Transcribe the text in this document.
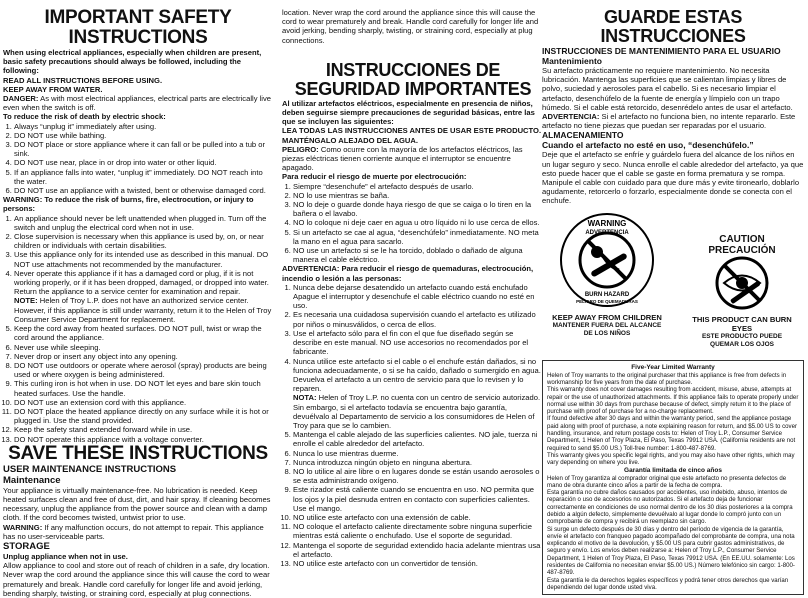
IMPORTANT SAFETY INSTRUCTIONS

When using electrical appliances, especially when children are present, basic safety precautions should always be followed, including the following:

READ ALL INSTRUCTIONS BEFORE USING.

KEEP AWAY FROM WATER.

DANGER: As with most electrical appliances, electrical parts are electrically live even when the switch is off.

To reduce the risk of death by electric shock:

1. Always “unplug it” immediately after using.
2. DO NOT use while bathing.
3. DO NOT place or store appliance where it can fall or be pulled into a tub or sink.
4. DO NOT use near, place in or drop into water or other liquid.
5. If an appliance falls into water, “unplug it” immediately. DO NOT reach into the water.
6. DO NOT use an appliance with a twisted, bent or otherwise damaged cord.

WARNING: To reduce the risk of burns, fire, electrocution, or injury to persons:

1. An appliance should never be left unattended when plugged in. Turn off the switch and unplug the electrical cord when not in use.
2. Close supervision is necessary when this appliance is used by, on, or near children or individuals with certain disabilities.
3. Use this appliance only for its intended use as described in this manual. DO NOT use attachments not recommended by the manufacturer.
4. Never operate this appliance if it has a damaged cord or plug, if it is not working properly, or if it has been dropped, damaged, or dropped into water. Return the appliance to a service center for examination and repair.
NOTE: Helen of Troy L.P. does not have an authorized service center. However, if this appliance is still under warranty, return it to the Helen of Troy Consumer Service Department for replacement.
5. Keep the cord away from heated surfaces. DO NOT pull, twist or wrap the cord around the appliance.
6. Never use while sleeping.
7. Never drop or insert any object into any opening.
8. DO NOT use outdoors or operate where aerosol (spray) products are being used or where oxygen is being administered.
9. This curling iron is hot when in use. DO NOT let eyes and bare skin touch heated surfaces. Use the handle.
10. DO NOT use an extension cord with this appliance.
11. DO NOT place the heated appliance directly on any surface while it is hot or plugged in. Use the stand provided.
12. Keep the safety stand extended forward while in use.
13. DO NOT operate this appliance with a voltage converter.
SAVE THESE INSTRUCTIONS

USER MAINTENANCE INSTRUCTIONS

Maintenance

Your appliance is virtually maintenance-free. No lubrication is needed. Keep heated surfaces clean and free of dust, dirt, and hair spray. If cleaning becomes necessary, unplug the appliance from the power source and clean with a damp cloth. If the cord becomes twisted, untwist prior to use.

WARNING: If any malfunction occurs, do not attempt to repair. This appliance has no user-serviceable parts.

STORAGE

Unplug appliance when not in use.

Allow appliance to cool and store out of reach of children in a safe, dry location. Never wrap the cord around the appliance since this will cause the cord to wear prematurely and break. Handle cord carefully for longer life and avoid jerking, bending sharply, twisting, or straining cord, especially at plug connections.

location. Never wrap the cord around the appliance since this will cause the cord to wear prematurely and break. Handle cord carefully for longer life and avoid jerking, bending sharply, twisting, or straining cord, especially at plug connections.

INSTRUCCIONES DE SEGURIDAD IMPORTANTES

Al utilizar artefactos eléctricos, especialmente en presencia de niños, deben seguirse siempre precauciones de seguridad básicas, entre las que se incluyen las siguientes:

LEA TODAS LAS INSTRUCCIONES ANTES DE USAR ESTE PRODUCTO.

MANTÉNGALO ALEJADO DEL AGUA.

PELIGRO: Como ocurre con la mayoría de los artefactos eléctricos, las piezas eléctricas tienen corriente aunque el interruptor se encuentre apagado.

Para reducir el riesgo de muerte por electrocución:

1. Siempre “desenchufe” el artefacto después de usarlo.
2. NO lo use mientras se baña.
3. NO lo deje o guarde donde haya riesgo de que se caiga o lo tiren en la bañera o el lavabo.
4. NO lo coloque ni deje caer en agua u otro líquido ni lo use cerca de ellos.
5. Si un artefacto se cae al agua, “desenchúfelo” inmediatamente. NO meta la mano en el agua para sacarlo.
6. NO use un artefacto si se le ha torcido, doblado o dañado de alguna manera el cable eléctrico.

ADVERTENCIA: Para reducir el riesgo de quemaduras, electrocución, incendio o lesión a las personas:

1. Nunca debe dejarse desatendido un artefacto cuando está enchufado Apague el interruptor y desenchufe el cable eléctrico cuando no esté en uso.
2. Es necesaria una cuidadosa supervisión cuando el artefacto es utilizado por niños o minusválidos, o cerca de ellos.
3. Use el artefacto sólo para el fin con el que fue diseñado según se describe en este manual. NO use accesorios no recomendados por el fabricante.
4. Nunca utilice este artefacto si el cable o el enchufe están dañados, si no funciona adecuadamente, o si se ha caído, dañado o sumergido en agua. Devuelva el artefacto a un centro de servicio para que lo revisen y lo reparen.
NOTA: Helen of Troy L.P. no cuenta con un centro de servicio autorizado. Sin embargo, si el artefacto todavía se encuentra bajo garantía, devuélvalo al Departamento de servicio a los consumidores de Helen of Troy para que se lo cambien.
5. Mantenga el cable alejado de las superficies calientes. NO jale, tuerza ni enrolle el cable alrededor del artefacto.
6. Nunca lo use mientras duerme.
7. Nunca introduzca ningún objeto en ninguna abertura.
8. NO lo utilice al aire libre o en lugares donde se están usando aerosoles o se esta administrando oxígeno.
9. Este rizador está caliente cuando se encuentra en uso. NO permita que los ojos y la piel desnuda entren en contacto con superficies calientes. Use el mango.
10. NO utilice este artefacto con una extensión de cable.
11. NO coloque el artefacto caliente directamente sobre ninguna superficie mientras está caliente o enchufado. Use el soporte de seguridad.
12. Mantenga el soporte de seguridad extendido hacia adelante mientras usa el artefacto.
13. NO utilice este artefacto con un convertidor de tensión.
GUARDE ESTAS INSTRUCCIONES

INSTRUCCIONES DE MANTENIMIENTO PARA EL USUARIO

Mantenimiento

Su artefacto prácticamente no requiere mantenimiento. No necesita lubricación. Mantenga las superficies que se calientan limpias y libres de polvo, suciedad y aerosoles para el cabello. Si es necesario limpiar el artefacto, desenchúfelo de la fuente de energía y límpielo con un trapo húmedo. Si el cable está retorcido, desenrédelo antes de usar el artefacto.

ADVERTENCIA: Si el artefacto no funciona bien, no intente repararlo. Este artefacto no tiene piezas que puedan ser reparadas por el usuario.

ALMACENAMIENTO

Cuando el artefacto no esté en uso, “desenchúfelo.”

Deje que el artefacto se enfríe y guárdelo fuera del alcance de los niños en un lugar seguro y seco. Nunca enrolle el cable alrededor del artefacto, ya que esto puede hacer que el cable se gaste en forma prematura y se rompa. Manipule el cable con cuidado para que dure más y evite tironearlo, doblarlo agudamente, retorcerlo o forzarlo, especialmente donde se conecta con el enchufe.

WARNING
ADVERTENCIA
BURN HAZARD
PELIGRO DE QUEMADURAS
KEEP AWAY FROM CHILDREN
MANTENER FUERA DEL ALCANCE DE LOS NIÑOS
CAUTION
PRECAUCIÓN
THIS PRODUCT CAN BURN EYES
ESTE PRODUCTO PUEDE QUEMAR LOS OJOS

Five-Year Limited Warranty

Helen of Troy warrants to the original purchaser that this appliance is free from defects in workmanship for five years from the date of purchase.

This warranty does not cover damages resulting from accident, misuse, abuse, attempts at repair or the use of unauthorized attachments. If this appliance fails to operate properly under normal use within 30 days from purchase because of defect, simply return it to the place of purchase with proof of purchase for a no-charge replacement.

If found defective after 30 days and within the warranty period, send the appliance postage paid along with proof of purchase, a note explaining reason for return, and $5.00 US to cover handling, insurance, and return postage costs to: Helen of Troy L.P., Consumer Service Department, 1 Helen of Troy Plaza, El Paso, Texas 79912 USA. (California residents are not required to send $5.00 US.) Toll-free number: 1-800-487-8769.

This warranty gives you specific legal rights, and you may also have other rights, which may vary depending on where you live.

Garantía limitada de cinco años

Helen of Troy garantiza al comprador original que este artefacto no presenta defectos de mano de obra durante cinco años a partir de la fecha de compra.

Esta garantía no cubre daños causados por accidentes, uso indebido, abuso, intentos de reparación o uso de accesorios no autorizados. Si el artefacto deja de funcionar correctamente en condiciones de uso normal dentro de los 30 días posteriores a la compra debido a algún defecto, simplemente devuélvalo al lugar donde lo compró junto con un comprobante de compra y recibirá un reemplazo sin cargo.

Si surge un defecto después de 30 días y dentro del período de vigencia de la garantía, envíe el artefacto con franqueo pagado acompañado del comprobante de compra, una nota explicando el motivo de la devolución, y $5.00 US para cubrir gastos administrativos, de seguro y envío. Los envíos deben realizarse a: Helen of Troy L.P., Consumer Service Department, 1 Helen of Troy Plaza, El Paso, Texas 79912 USA. (En EE.UU. solamente: Los residentes de California no necesitan enviar $5.00 US.) Número telefónico sin cargo: 1-800-487-8769.

Esta garantía le da derechos legales específicos y podrá tener otros derechos que varían dependiendo del lugar donde usted viva.
